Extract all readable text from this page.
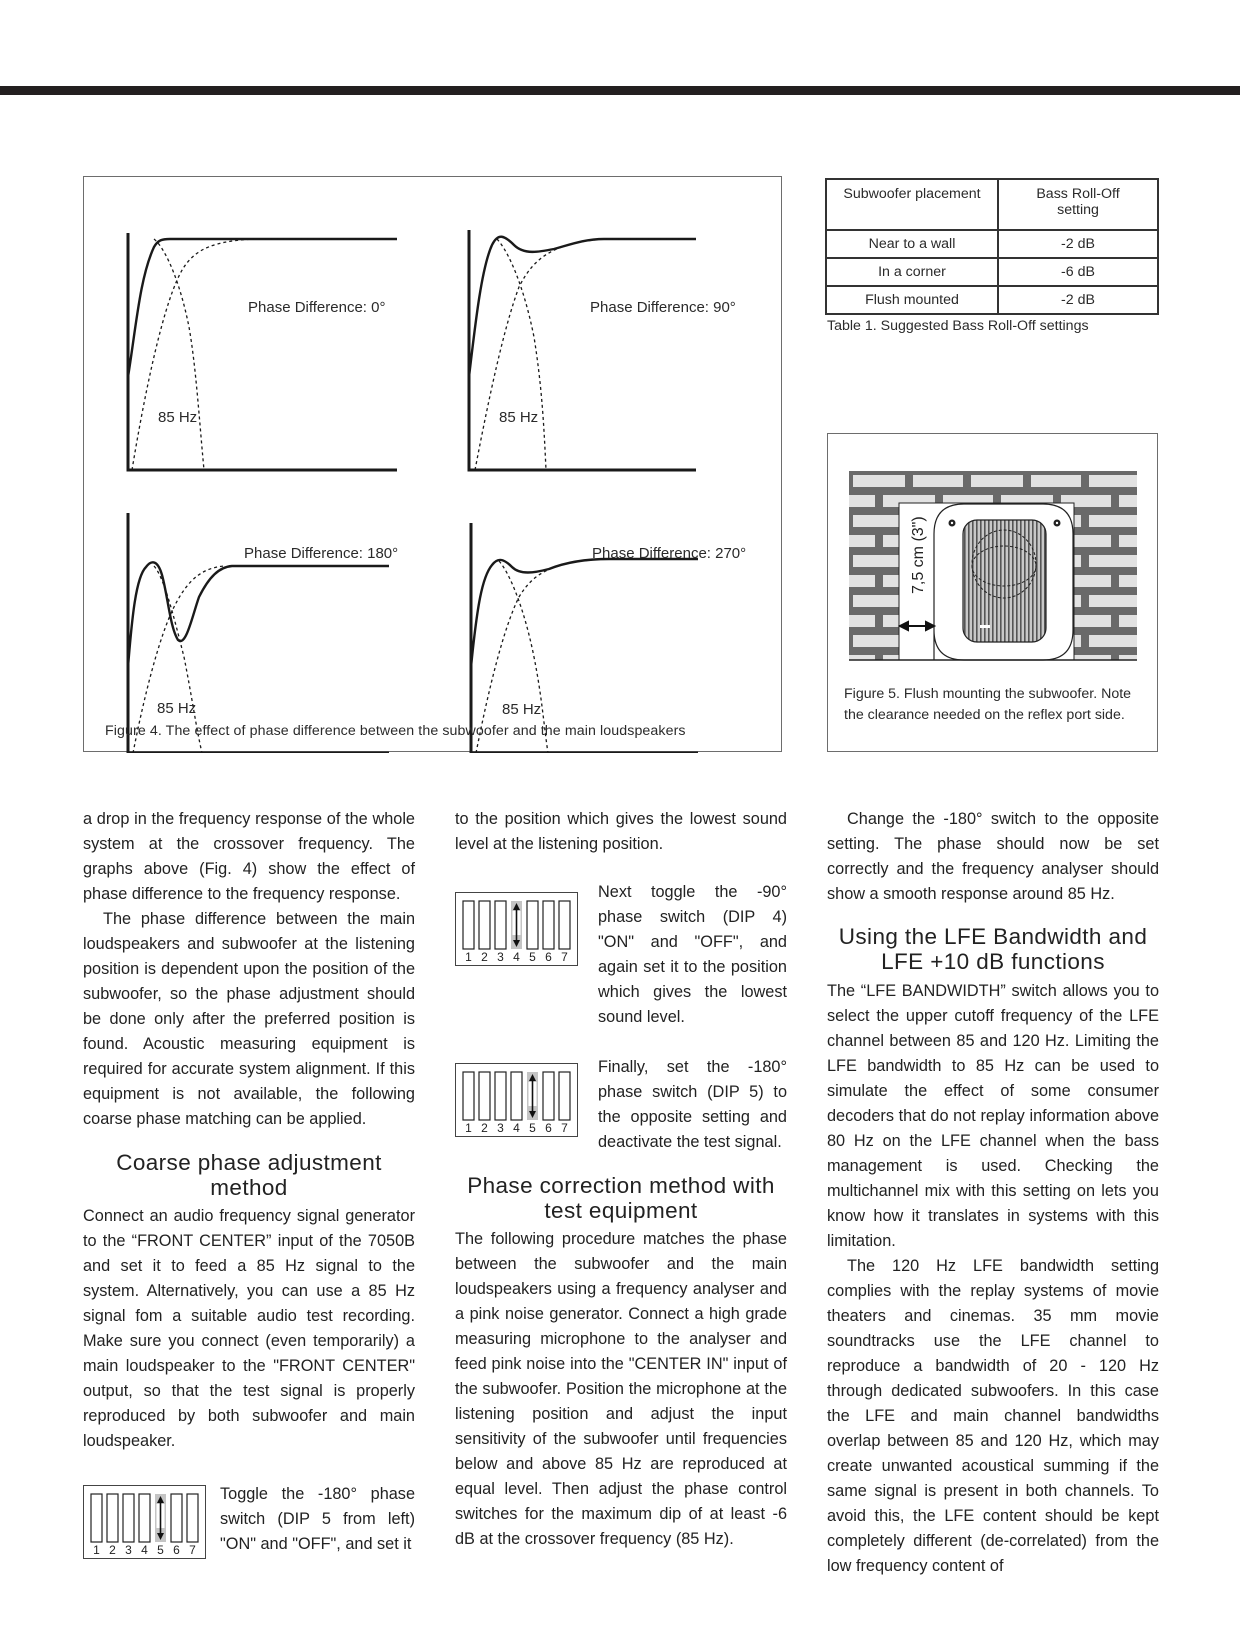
Phase Difference: 0°
85 Hz
Phase Difference: 90°
85 Hz
Phase Difference: 180°
85 Hz
Phase Difference: 270°
85 Hz
Figure 4. The effect of phase difference between the subwoofer and the main loudspeakers
Subwoofer placement	Bass Roll-Off setting

Near to a wall	-2 dB
In a corner	-6 dB
Flush mounted	-2 dB
Table 1. Suggested Bass Roll-Off settings
7,5 cm (3")
Figure 5. Flush mounting the subwoofer. Note the clearance needed on the reflex port side.

a drop in the frequency response of the whole system at the crossover frequency. The graphs above (Fig. 4) show the effect of phase difference to the frequency response.

The phase difference between the main loudspeakers and subwoofer at the listening position is dependent upon the position of the subwoofer, so the phase adjustment should be done only after the preferred position is found. Acoustic measuring equipment is required for accurate system alignment. If this equipment is not available, the following coarse phase matching can be applied.

Coarse phase adjustment method

Connect an audio frequency signal generator to the “FRONT CENTER” input of the 7050B and set it to feed a 85 Hz signal to the system. Alternatively, you can use a 85 Hz signal fom a suitable audio test recording. Make sure you connect (even temporarily) a main loudspeaker to the "FRONT CENTER" output, so that the test signal is properly reproduced by both subwoofer and main loudspeaker.

1 2 3 4 5 6 7
Toggle the -180° phase switch (DIP 5 from left) "ON" and "OFF", and set it

to the position which gives the lowest sound level at the listening position.

1 2 3 4 5 6 7
Next toggle the -90° phase switch (DIP 4) "ON" and "OFF", and again set it to the position which gives the lowest sound level.
1 2 3 4 5 6 7
Finally, set the -180° phase switch (DIP 5) to the opposite setting and deactivate the test signal.
Phase correction method with test equipment

The following procedure matches the phase between the subwoofer and the main loudspeakers using a frequency analyser and a pink noise generator. Connect a high grade measuring microphone to the analyser and feed pink noise into the "CENTER IN" input of the subwoofer. Position the microphone at the listening position and adjust the input sensitivity of the subwoofer until frequencies below and above 85 Hz are reproduced at equal level. Then adjust the phase control switches for the maximum dip of at least -6 dB at the crossover frequency (85 Hz).

Change the -180° switch to the opposite setting. The phase should now be set correctly and the frequency analyser should show a smooth response around 85 Hz.

Using the LFE Bandwidth and LFE +10 dB functions

The “LFE BANDWIDTH” switch allows you to select the upper cutoff frequency of the LFE channel between 85 and 120 Hz. Limiting the LFE bandwidth to 85 Hz can be used to simulate the effect of some consumer decoders that do not replay information above 80 Hz on the LFE channel when the bass management is used. Checking the multichannel mix with this setting on lets you know how it translates in systems with this limitation.

The 120 Hz LFE bandwidth setting complies with the replay systems of movie theaters and cinemas. 35 mm movie soundtracks use the LFE channel to reproduce a bandwidth of 20 - 120 Hz through dedicated subwoofers. In this case the LFE and main channel bandwidths overlap between 85 and 120 Hz, which may create unwanted acoustical summing if the same signal is present in both channels. To avoid this, the LFE content should be kept completely different (de-correlated) from the low frequency content of
